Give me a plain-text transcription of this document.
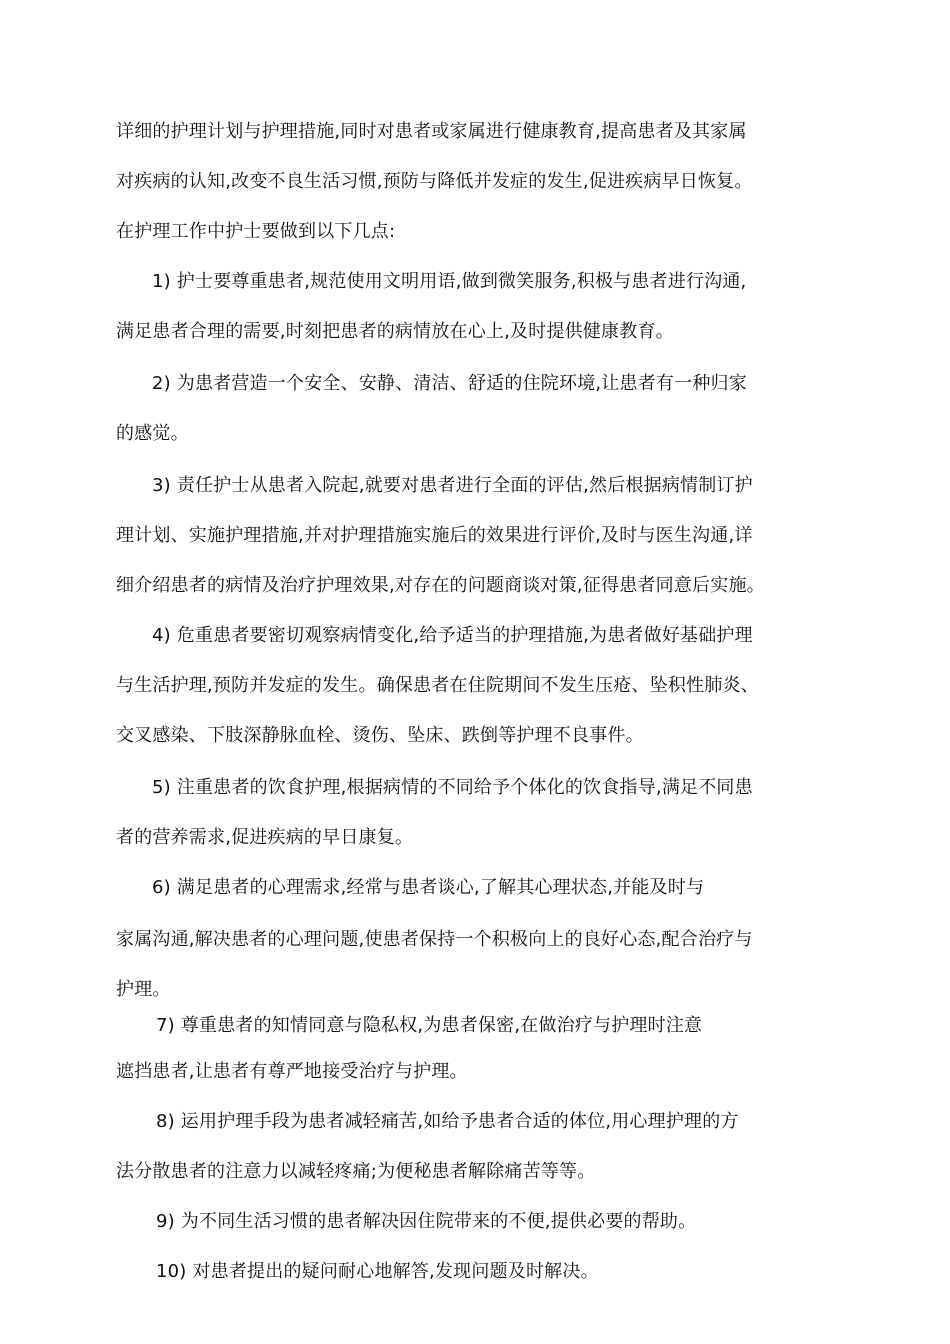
详细的护理计划与护理措施,同时对患者或家属进行健康教育,提高患者及其家属
对疾病的认知,改变不良生活习惯,预防与降低并发症的发生,促进疾病早日恢复。
在护理工作中护士要做到以下几点:
1) 护士要尊重患者,规范使用文明用语,做到微笑服务,积极与患者进行沟通,
满足患者合理的需要,时刻把患者的病情放在心上,及时提供健康教育。
2) 为患者营造一个安全、安静、清洁、舒适的住院环境,让患者有一种归家
的感觉。
3) 责任护士从患者入院起,就要对患者进行全面的评估,然后根据病情制订护
理计划、实施护理措施,并对护理措施实施后的效果进行评价,及时与医生沟通,详
细介绍患者的病情及治疗护理效果,对存在的问题商谈对策,征得患者同意后实施。
4) 危重患者要密切观察病情变化,给予适当的护理措施,为患者做好基础护理
与生活护理,预防并发症的发生。确保患者在住院期间不发生压疮、坠积性肺炎、
交叉感染、下肢深静脉血栓、烫伤、坠床、跌倒等护理不良事件。
5) 注重患者的饮食护理,根据病情的不同给予个体化的饮食指导,满足不同患
者的营养需求,促进疾病的早日康复。
6) 满足患者的心理需求,经常与患者谈心,了解其心理状态,并能及时与
家属沟通,解决患者的心理问题,使患者保持一个积极向上的良好心态,配合治疗与
护理。
7) 尊重患者的知情同意与隐私权,为患者保密,在做治疗与护理时注意
遮挡患者,让患者有尊严地接受治疗与护理。
8) 运用护理手段为患者减轻痛苦,如给予患者合适的体位,用心理护理的方
法分散患者的注意力以减轻疼痛;为便秘患者解除痛苦等等。
9) 为不同生活习惯的患者解决因住院带来的不便,提供必要的帮助。
10) 对患者提出的疑问耐心地解答,发现问题及时解决。
